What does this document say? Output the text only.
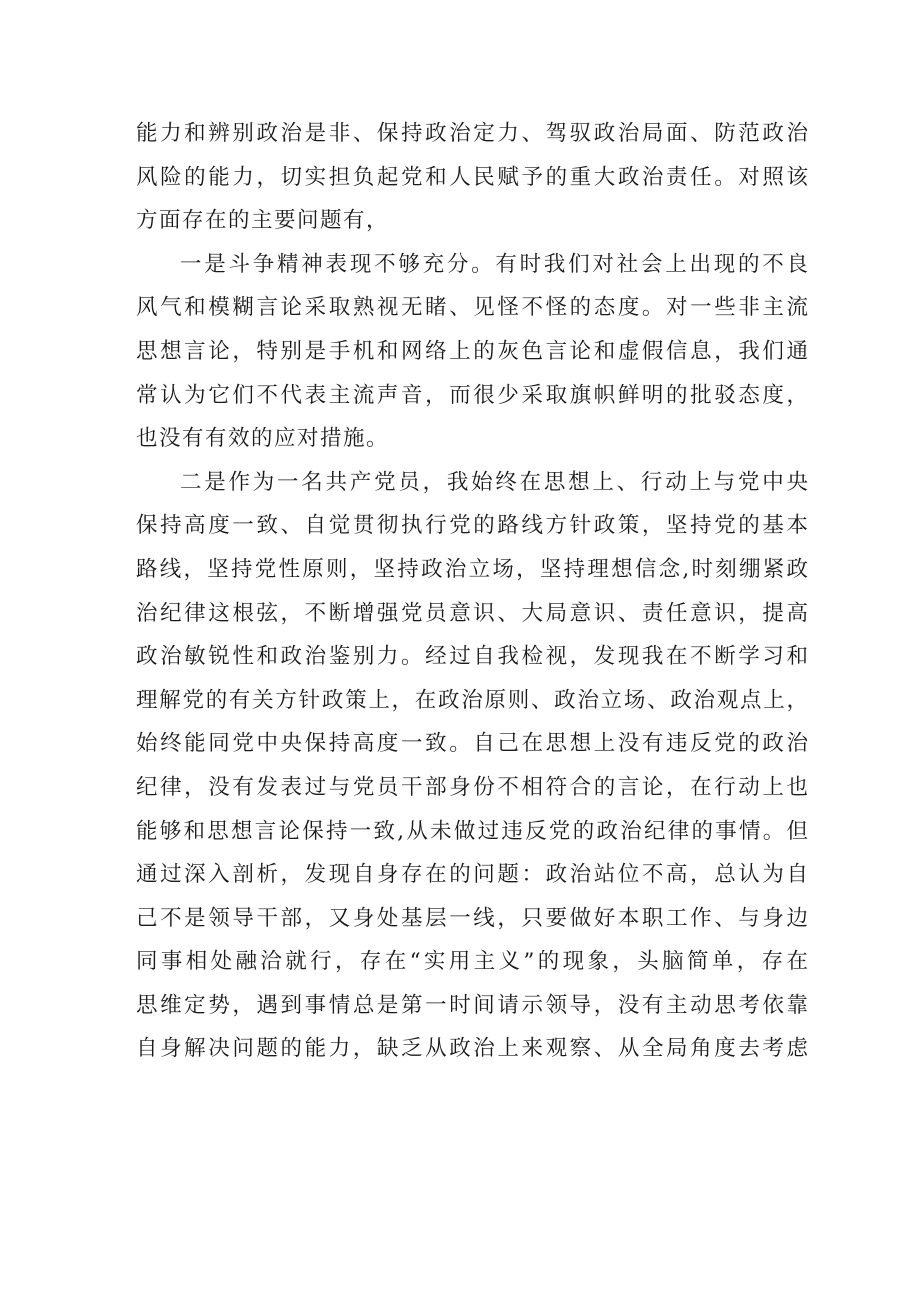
能力和辨别政治是非、保持政治定力、驾驭政治局面、防范政治
风险的能力，切实担负起党和人民赋予的重大政治责任。对照该
方面存在的主要问题有，
一是斗争精神表现不够充分。有时我们对社会上出现的不良
风气和模糊言论采取熟视无睹、见怪不怪的态度。对一些非主流
思想言论，特别是手机和网络上的灰色言论和虚假信息，我们通
常认为它们不代表主流声音，而很少采取旗帜鲜明的批驳态度，
也没有有效的应对措施。
二是作为一名共产党员，我始终在思想上、行动上与党中央
保持高度一致、自觉贯彻执行党的路线方针政策，坚持党的基本
路线，坚持党性原则，坚持政治立场，坚持理想信念,时刻绷紧政
治纪律这根弦，不断增强党员意识、大局意识、责任意识，提高
政治敏锐性和政治鉴别力。经过自我检视，发现我在不断学习和
理解党的有关方针政策上，在政治原则、政治立场、政治观点上，
始终能同党中央保持高度一致。自己在思想上没有违反党的政治
纪律，没有发表过与党员干部身份不相符合的言论，在行动上也
能够和思想言论保持一致,从未做过违反党的政治纪律的事情。但
通过深入剖析，发现自身存在的问题：政治站位不高，总认为自
己不是领导干部，又身处基层一线，只要做好本职工作、与身边
同事相处融洽就行，存在“实用主义”的现象，头脑简单，存在
思维定势，遇到事情总是第一时间请示领导，没有主动思考依靠
自身解决问题的能力，缺乏从政治上来观察、从全局角度去考虑
